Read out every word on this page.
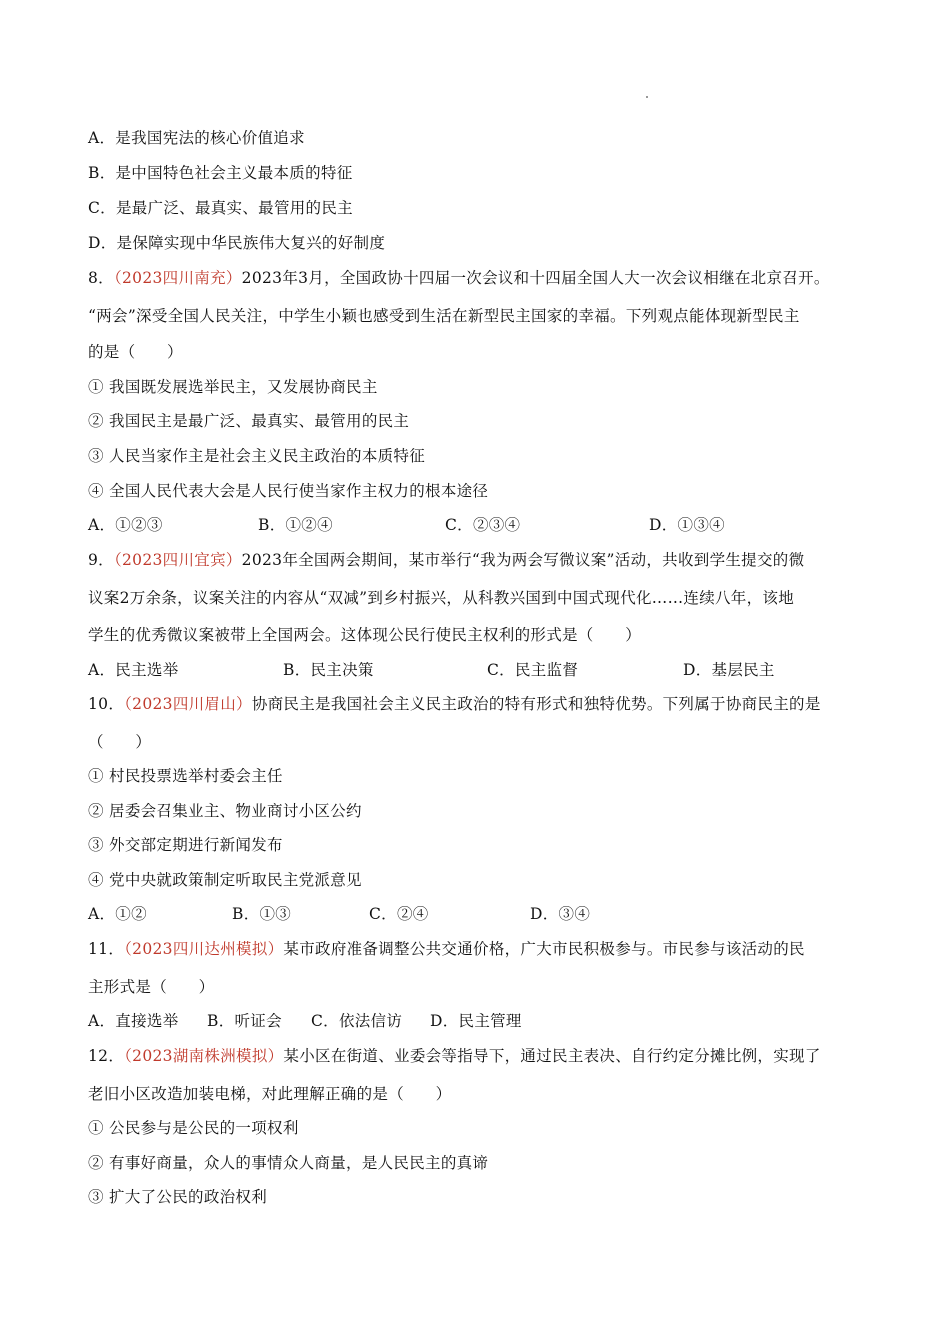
A．是我国宪法的核心价值追求
B．是中国特色社会主义最本质的特征
C．是最广泛、最真实、最管用的民主
D．是保障实现中华民族伟大复兴的好制度
8．（2023四川南充）2023年3月，全国政协十四届一次会议和十四届全国人大一次会议相继在北京召开。
“两会”深受全国人民关注，中学生小颖也感受到生活在新型民主国家的幸福。下列观点能体现新型民主
的是（　　）
① 我国既发展选举民主，又发展协商民主
② 我国民主是最广泛、最真实、最管用的民主
③ 人民当家作主是社会主义民主政治的本质特征
④ 全国人民代表大会是人民行使当家作主权力的根本途径
A．①②③	B．①②④	C．②③④	D．①③④
9．（2023四川宜宾）2023年全国两会期间，某市举行“我为两会写微议案”活动，共收到学生提交的微
议案2万余条，议案关注的内容从“双减”到乡村振兴，从科教兴国到中国式现代化……连续八年，该地
学生的优秀微议案被带上全国两会。这体现公民行使民主权利的形式是（　　）
A．民主选举	B．民主决策	C．民主监督	D．基层民主
10．（2023四川眉山）协商民主是我国社会主义民主政治的特有形式和独特优势。下列属于协商民主的是
（　　）
① 村民投票选举村委会主任
② 居委会召集业主、物业商讨小区公约
③ 外交部定期进行新闻发布
④ 党中央就政策制定听取民主党派意见
A．①②	B．①③	C．②④	D．③④
11．（2023四川达州模拟）某市政府准备调整公共交通价格，广大市民积极参与。市民参与该活动的民
主形式是（　　）
A．直接选举 B．听证会 C．依法信访 D．民主管理
12．（2023湖南株洲模拟）某小区在街道、业委会等指导下，通过民主表决、自行约定分摊比例，实现了
老旧小区改造加装电梯，对此理解正确的是（　　）
① 公民参与是公民的一项权利
② 有事好商量，众人的事情众人商量，是人民民主的真谛
③ 扩大了公民的政治权利
